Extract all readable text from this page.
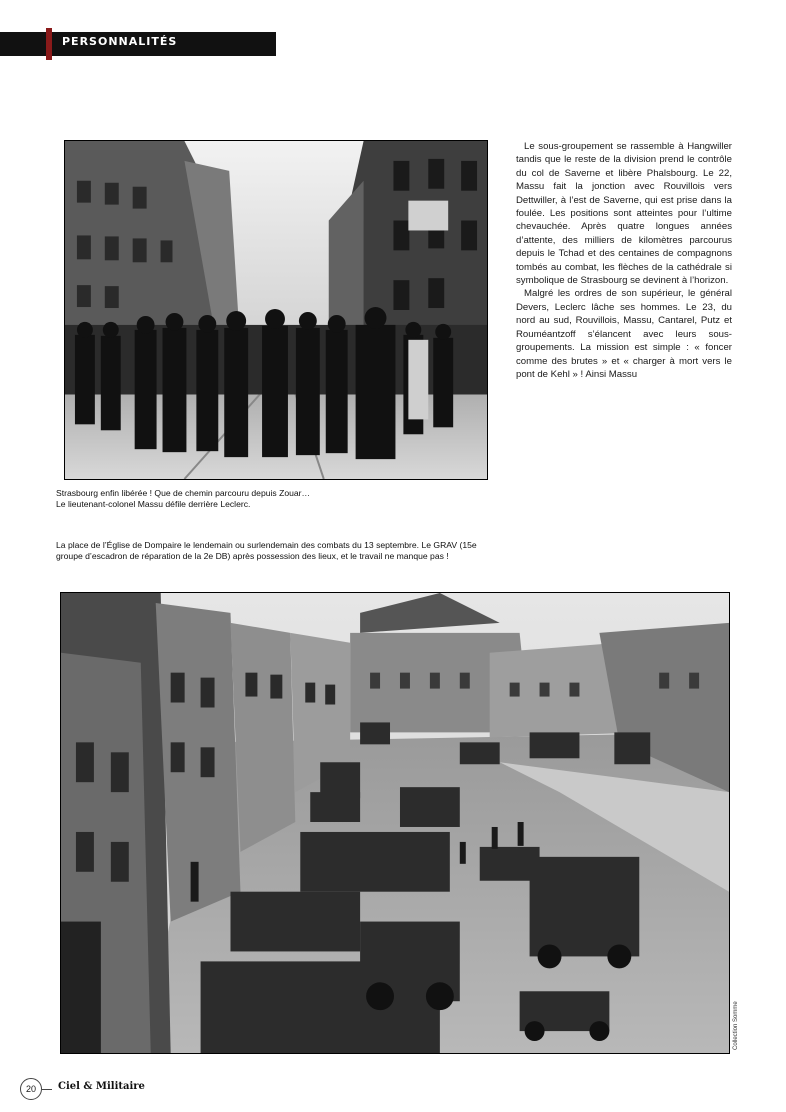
PERSONNALITÉS
Strasbourg enfin libérée ! Que de chemin parcouru depuis Zouar…
Le lieutenant-colonel Massu défile derrière Leclerc.
La place de l’Église de Dompaire le lendemain ou surlendemain des combats du 13 septembre. Le GRAV (15e groupe d’escadron de réparation de la 2e DB) après possession des lieux, et le travail ne manque pas !

Le sous-groupement se rassemble à Hangwiller tandis que le reste de la division prend le contrôle du col de Saverne et libère Phalsbourg. Le 22, Massu fait la jonction avec Rouvillois vers Dettwiller, à l’est de Saverne, qui est prise dans la foulée. Les positions sont atteintes pour l’ultime chevauchée. Après quatre longues années d’attente, des milliers de kilomètres parcourus depuis le Tchad et des centaines de compagnons tombés au combat, les flèches de la cathédrale si symbolique de Strasbourg se devinent à l’horizon.

Malgré les ordres de son supérieur, le général Devers, Leclerc lâche ses hommes. Le 23, du nord au sud, Rouvillois, Massu, Cantarel, Putz et Rouméantzoff s’élancent avec leurs sous-groupements. La mission est simple : « foncer comme des brutes » et « charger à mort vers le pont de Kehl » ! Ainsi Massu

Collection Somme
20	Ciel & Militaire
